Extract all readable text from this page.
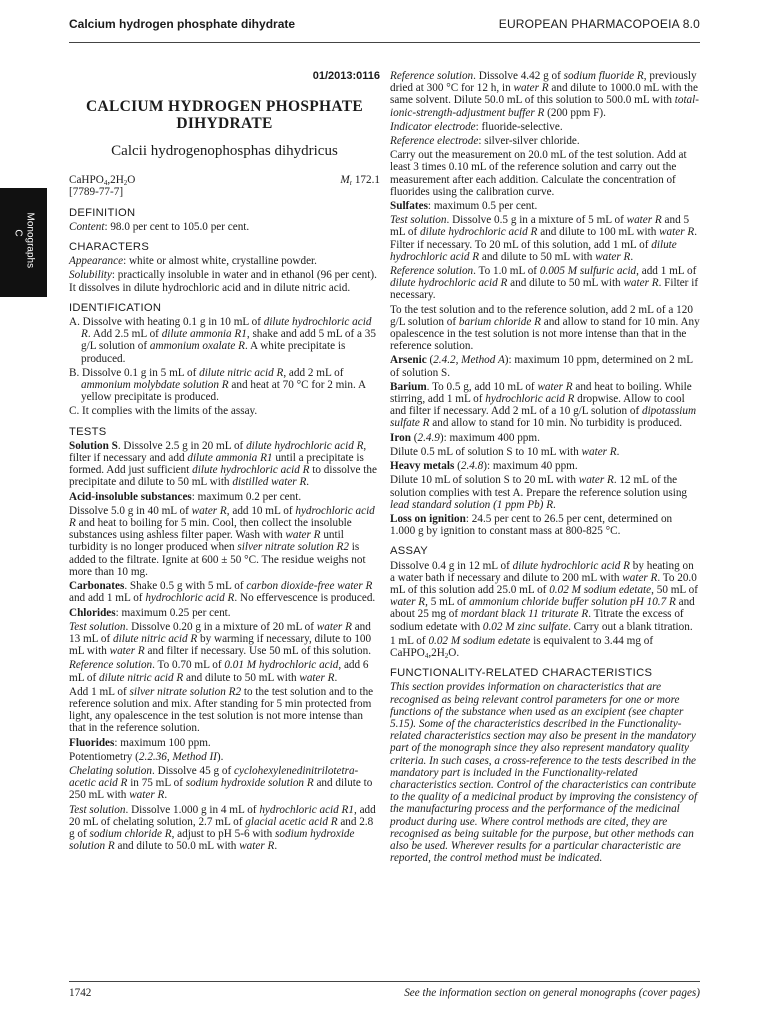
Calcium hydrogen phosphate dihydrate	EUROPEAN PHARMACOPOEIA 8.0
Monographs
C

01/2013:0116

CALCIUM HYDROGEN PHOSPHATE
DIHYDRATE
Calcii hydrogenophosphas dihydricus
$CaHPO_4,2H_2O$	$M_r$ 172.1

[7789-77-7]

DEFINITION

Content: 98.0 per cent to 105.0 per cent.

CHARACTERS

Appearance: white or almost white, crystalline powder.

Solubility: practically insoluble in water and in ethanol (96 per cent). It dissolves in dilute hydrochloric acid and in dilute nitric acid.

IDENTIFICATION

A. Dissolve with heating 0.1 g in 10 mL of dilute hydrochloric acid R. Add 2.5 mL of dilute ammonia R1, shake and add 5 mL of a 35 g/L solution of ammonium oxalate R. A white precipitate is produced.

B. Dissolve 0.1 g in 5 mL of dilute nitric acid R, add 2 mL of ammonium molybdate solution R and heat at 70 °C for 2 min. A yellow precipitate is produced.

C. It complies with the limits of the assay.

TESTS

Solution S. Dissolve 2.5 g in 20 mL of dilute hydrochloric acid R, filter if necessary and add dilute ammonia R1 until a precipitate is formed. Add just sufficient dilute hydrochloric acid R to dissolve the precipitate and dilute to 50 mL with distilled water R.

Acid-insoluble substances: maximum 0.2 per cent.

Dissolve 5.0 g in 40 mL of water R, add 10 mL of hydrochloric acid R and heat to boiling for 5 min. Cool, then collect the insoluble substances using ashless filter paper. Wash with water R until turbidity is no longer produced when silver nitrate solution R2 is added to the filtrate. Ignite at 600 ± 50 °C. The residue weighs not more than 10 mg.

Carbonates. Shake 0.5 g with 5 mL of carbon dioxide-free water R and add 1 mL of hydrochloric acid R. No effervescence is produced.

Chlorides: maximum 0.25 per cent.

Test solution. Dissolve 0.20 g in a mixture of 20 mL of water R and 13 mL of dilute nitric acid R by warming if necessary, dilute to 100 mL with water R and filter if necessary. Use 50 mL of this solution.

Reference solution. To 0.70 mL of 0.01 M hydrochloric acid, add 6 mL of dilute nitric acid R and dilute to 50 mL with water R.

Add 1 mL of silver nitrate solution R2 to the test solution and to the reference solution and mix. After standing for 5 min protected from light, any opalescence in the test solution is not more intense than that in the reference solution.

Fluorides: maximum 100 ppm.

Potentiometry (2.2.36, Method II).

Chelating solution. Dissolve 45 g of cyclohexylenedinitrilotetra-acetic acid R in 75 mL of sodium hydroxide solution R and dilute to 250 mL with water R.

Test solution. Dissolve 1.000 g in 4 mL of hydrochloric acid R1, add 20 mL of chelating solution, 2.7 mL of glacial acetic acid R and 2.8 g of sodium chloride R, adjust to pH 5-6 with sodium hydroxide solution R and dilute to 50.0 mL with water R.

Reference solution. Dissolve 4.42 g of sodium fluoride R, previously dried at 300 °C for 12 h, in water R and dilute to 1000.0 mL with the same solvent. Dilute 50.0 mL of this solution to 500.0 mL with total-ionic-strength-adjustment buffer R (200 ppm F).

Indicator electrode: fluoride-selective.

Reference electrode: silver-silver chloride.

Carry out the measurement on 20.0 mL of the test solution. Add at least 3 times 0.10 mL of the reference solution and carry out the measurement after each addition. Calculate the concentration of fluorides using the calibration curve.

Sulfates: maximum 0.5 per cent.

Test solution. Dissolve 0.5 g in a mixture of 5 mL of water R and 5 mL of dilute hydrochloric acid R and dilute to 100 mL with water R. Filter if necessary. To 20 mL of this solution, add 1 mL of dilute hydrochloric acid R and dilute to 50 mL with water R.

Reference solution. To 1.0 mL of 0.005 M sulfuric acid, add 1 mL of dilute hydrochloric acid R and dilute to 50 mL with water R. Filter if necessary.

To the test solution and to the reference solution, add 2 mL of a 120 g/L solution of barium chloride R and allow to stand for 10 min. Any opalescence in the test solution is not more intense than that in the reference solution.

Arsenic (2.4.2, Method A): maximum 10 ppm, determined on 2 mL of solution S.

Barium. To 0.5 g, add 10 mL of water R and heat to boiling. While stirring, add 1 mL of hydrochloric acid R dropwise. Allow to cool and filter if necessary. Add 2 mL of a 10 g/L solution of dipotassium sulfate R and allow to stand for 10 min. No turbidity is produced.

Iron (2.4.9): maximum 400 ppm.

Dilute 0.5 mL of solution S to 10 mL with water R.

Heavy metals (2.4.8): maximum 40 ppm.

Dilute 10 mL of solution S to 20 mL with water R. 12 mL of the solution complies with test A. Prepare the reference solution using lead standard solution (1 ppm Pb) R.

Loss on ignition: 24.5 per cent to 26.5 per cent, determined on 1.000 g by ignition to constant mass at 800-825 °C.

ASSAY

Dissolve 0.4 g in 12 mL of dilute hydrochloric acid R by heating on a water bath if necessary and dilute to 200 mL with water R. To 20.0 mL of this solution add 25.0 mL of 0.02 M sodium edetate, 50 mL of water R, 5 mL of ammonium chloride buffer solution pH 10.7 R and about 25 mg of mordant black 11 triturate R. Titrate the excess of sodium edetate with 0.02 M zinc sulfate. Carry out a blank titration.

1 mL of 0.02 M sodium edetate is equivalent to 3.44 mg of $CaHPO_4,2H_2O$.

FUNCTIONALITY-RELATED CHARACTERISTICS

This section provides information on characteristics that are recognised as being relevant control parameters for one or more functions of the substance when used as an excipient (see chapter 5.15). Some of the characteristics described in the Functionality-related characteristics section may also be present in the mandatory part of the monograph since they also represent mandatory quality criteria. In such cases, a cross-reference to the tests described in the mandatory part is included in the Functionality-related characteristics section. Control of the characteristics can contribute to the quality of a medicinal product by improving the consistency of the manufacturing process and the performance of the medicinal product during use. Where control methods are cited, they are recognised as being suitable for the purpose, but other methods can also be used. Wherever results for a particular characteristic are reported, the control method must be indicated.

1742	See the information section on general monographs (cover pages)
